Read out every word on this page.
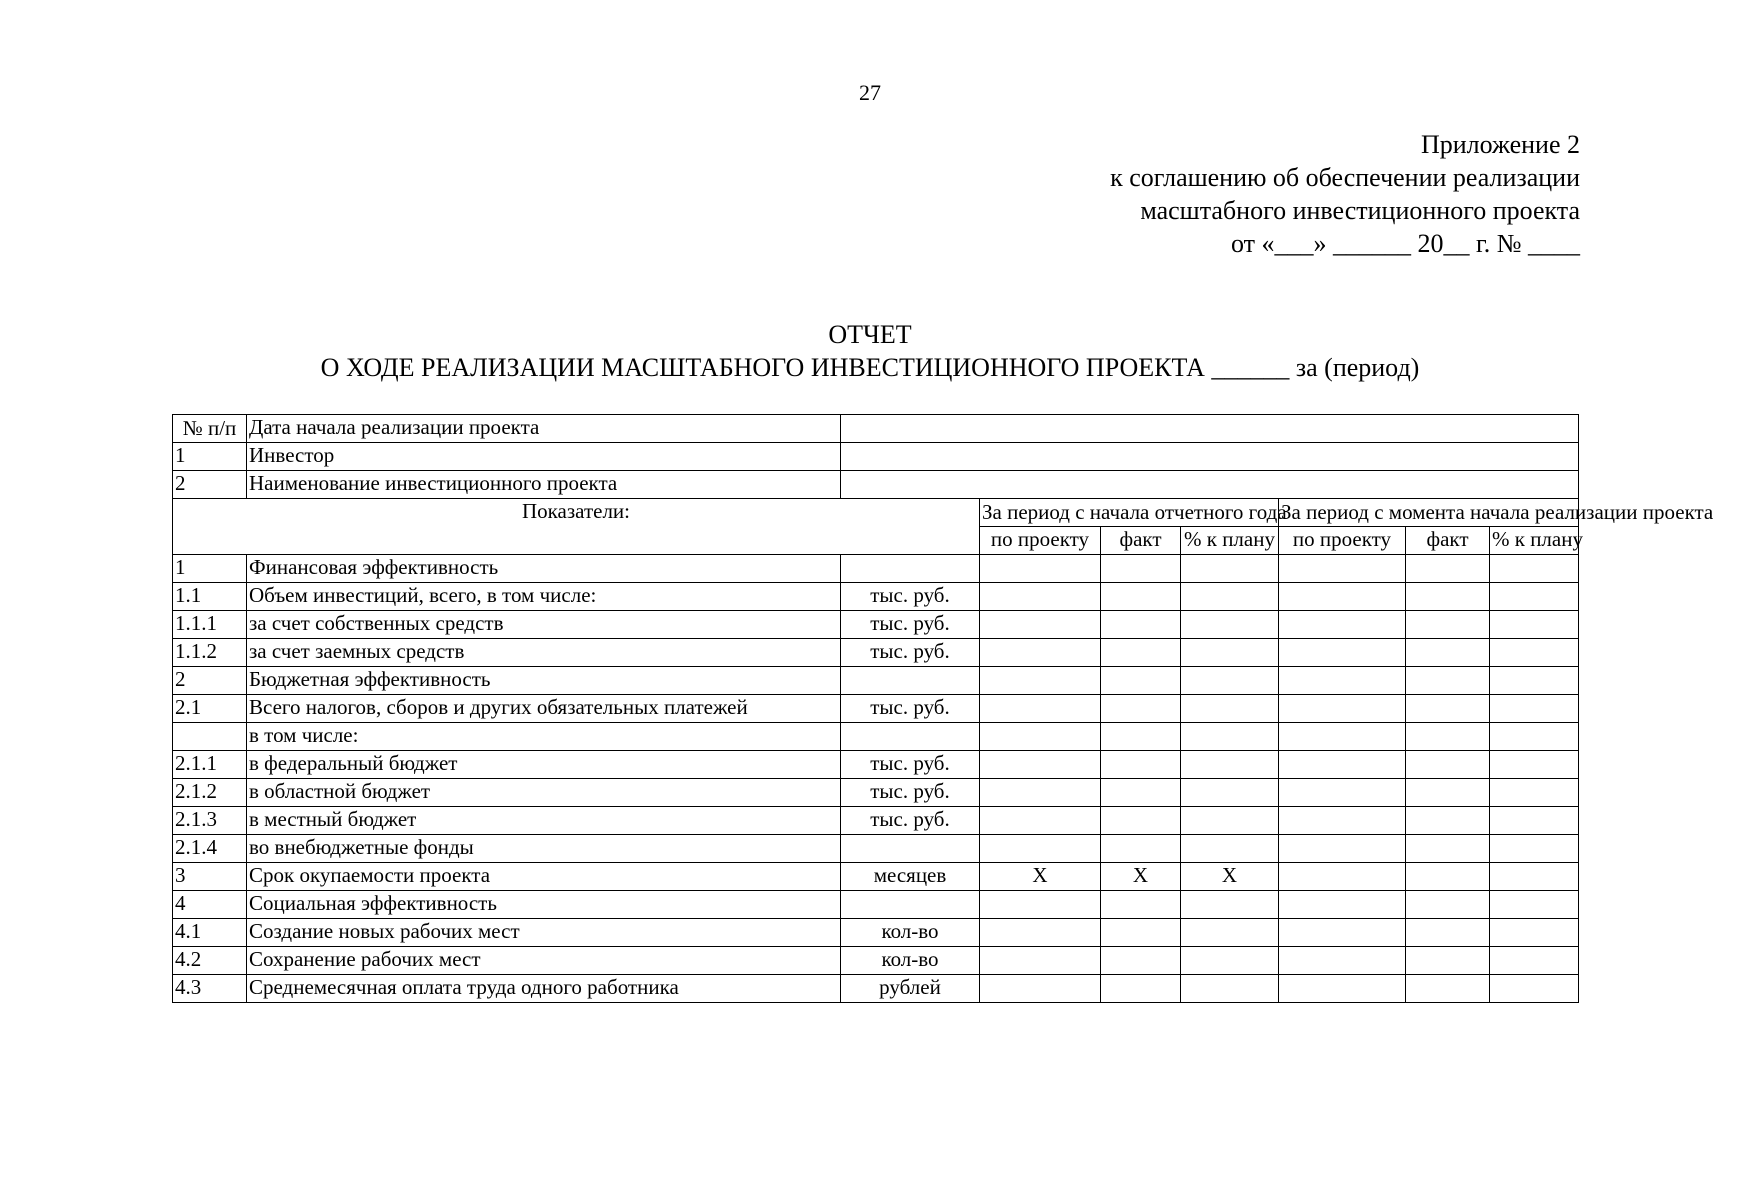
27
Приложение 2
к соглашению об обеспечении реализации
масштабного инвестиционного проекта
от «___» ______ 20__ г. № ____
ОТЧЕТ
О ХОДЕ РЕАЛИЗАЦИИ МАСШТАБНОГО ИНВЕСТИЦИОННОГО ПРОЕКТА ______ за (период)
№ п/п	Дата начала реализации проекта							
1	Инвестор							
2	Наименование инвестиционного проекта							
Показатели:			За период с начала отчетного года			За период с момента начала реализации проекта		
			по проекту	факт	% к плану	по проекту	факт	% к плану
1	Финансовая эффективность							
1.1	Объем инвестиций, всего, в том числе:	тыс. руб.						
1.1.1	за счет собственных средств	тыс. руб.						
1.1.2	за счет заемных средств	тыс. руб.						
2	Бюджетная эффективность							
2.1	Всего налогов, сборов и других обязательных платежей	тыс. руб.						
	в том числе:							
2.1.1	в федеральный бюджет	тыс. руб.						
2.1.2	в областной бюджет	тыс. руб.						
2.1.3	в местный бюджет	тыс. руб.						
2.1.4	во внебюджетные фонды							
3	Срок окупаемости проекта	месяцев	X	X	X			
4	Социальная эффективность							
4.1	Создание новых рабочих мест	кол-во						
4.2	Сохранение рабочих мест	кол-во						
4.3	Среднемесячная оплата труда одного работника	рублей						
